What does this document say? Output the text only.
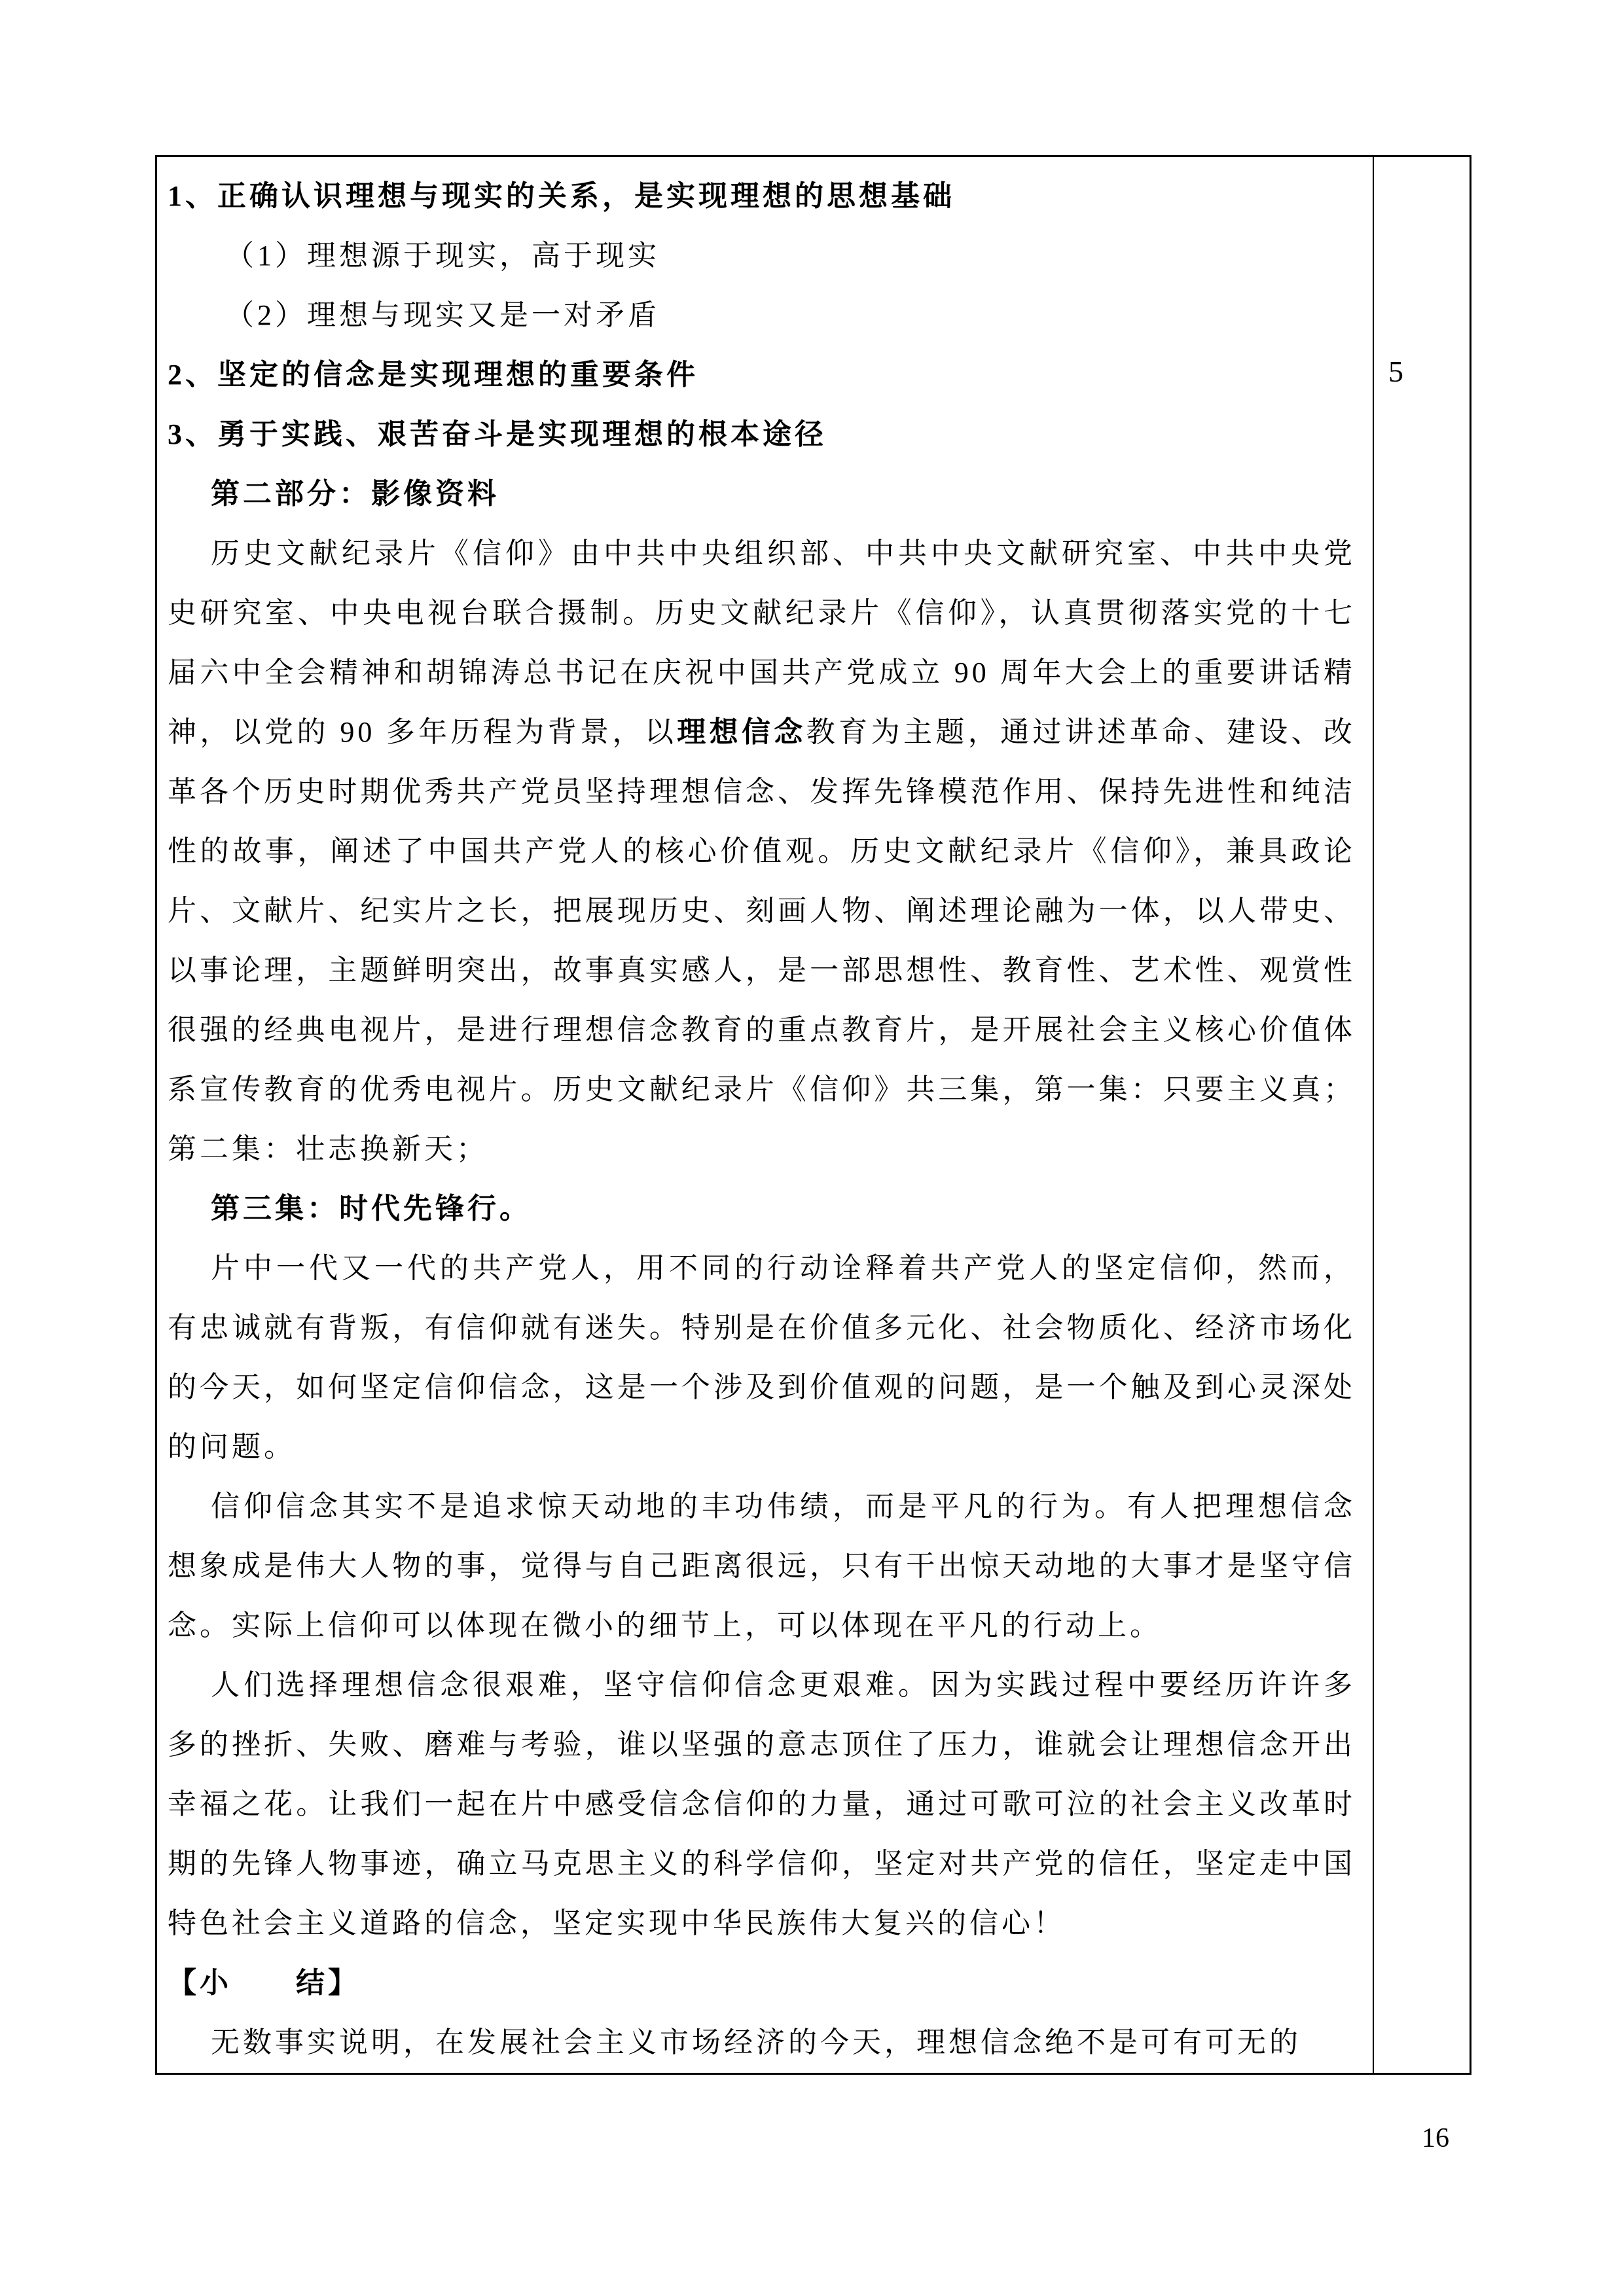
1、正确认识理想与现实的关系，是实现理想的思想基础

（1）理想源于现实，高于现实

（2）理想与现实又是一对矛盾

2、坚定的信念是实现理想的重要条件

3、勇于实践、艰苦奋斗是实现理想的根本途径

第二部分：影像资料

历史文献纪录片《信仰》由中共中央组织部、中共中央文献研究室、中共中央党史研究室、中央电视台联合摄制。历史文献纪录片《信仰》，认真贯彻落实党的十七届六中全会精神和胡锦涛总书记在庆祝中国共产党成立 90 周年大会上的重要讲话精神，以党的 90 多年历程为背景，以理想信念教育为主题，通过讲述革命、建设、改革各个历史时期优秀共产党员坚持理想信念、发挥先锋模范作用、保持先进性和纯洁性的故事，阐述了中国共产党人的核心价值观。历史文献纪录片《信仰》，兼具政论片、文献片、纪实片之长，把展现历史、刻画人物、阐述理论融为一体，以人带史、以事论理，主题鲜明突出，故事真实感人，是一部思想性、教育性、艺术性、观赏性很强的经典电视片，是进行理想信念教育的重点教育片，是开展社会主义核心价值体系宣传教育的优秀电视片。历史文献纪录片《信仰》共三集，第一集：只要主义真；第二集：壮志换新天；

第三集：时代先锋行。

片中一代又一代的共产党人，用不同的行动诠释着共产党人的坚定信仰，然而，有忠诚就有背叛，有信仰就有迷失。特别是在价值多元化、社会物质化、经济市场化的今天，如何坚定信仰信念，这是一个涉及到价值观的问题，是一个触及到心灵深处的问题。

信仰信念其实不是追求惊天动地的丰功伟绩，而是平凡的行为。有人把理想信念想象成是伟大人物的事，觉得与自己距离很远，只有干出惊天动地的大事才是坚守信念。实际上信仰可以体现在微小的细节上，可以体现在平凡的行动上。

人们选择理想信念很艰难，坚守信仰信念更艰难。因为实践过程中要经历许许多多的挫折、失败、磨难与考验，谁以坚强的意志顶住了压力，谁就会让理想信念开出幸福之花。让我们一起在片中感受信念信仰的力量，通过可歌可泣的社会主义改革时期的先锋人物事迹，确立马克思主义的科学信仰，坚定对共产党的信任，坚定走中国特色社会主义道路的信念，坚定实现中华民族伟大复兴的信心！

【小　　结】

无数事实说明，在发展社会主义市场经济的今天，理想信念绝不是可有可无的

5
16
